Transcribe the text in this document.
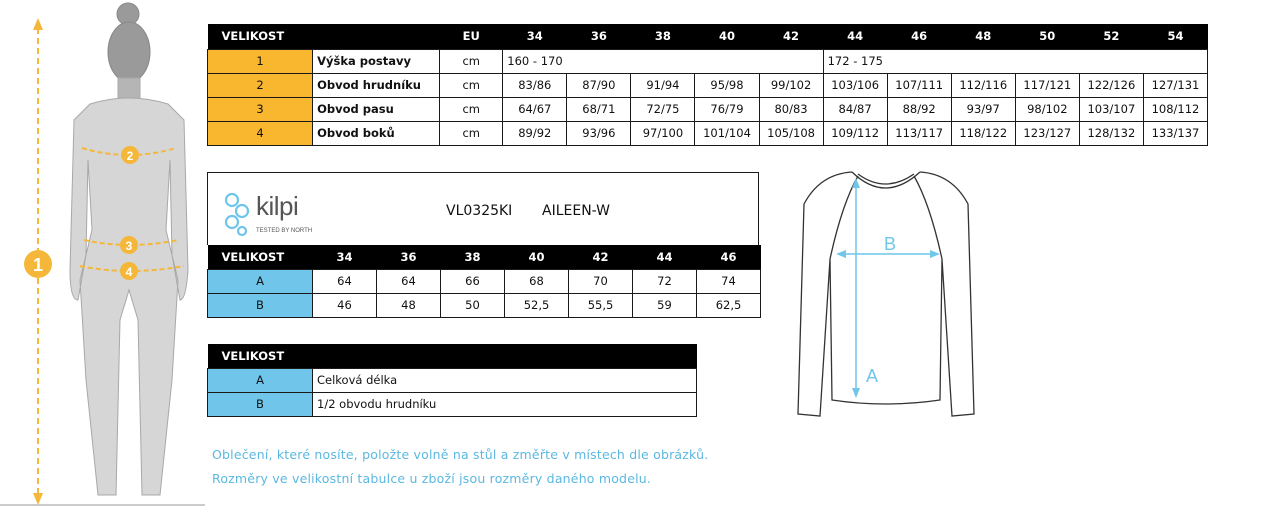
1
2
3
4
VELIKOST		EU	34	36	38	40	42	44	46	48	50	52	54
1	Výška postavy	cm	160 - 170					172 - 175					
2	Obvod hrudníku	cm	83/86	87/90	91/94	95/98	99/102	103/106	107/111	112/116	117/121	122/126	127/131
3	Obvod pasu	cm	64/67	68/71	72/75	76/79	80/83	84/87	88/92	93/97	98/102	103/107	108/112
4	Obvod boků	cm	89/92	93/96	97/100	101/104	105/108	109/112	113/117	118/122	123/127	128/132	133/137
kilpi
TESTED BY NORTH
VL0325KI AILEEN-W
VELIKOST	34	36	38	40	42	44	46
A	64	64	66	68	70	72	74
B	46	48	50	52,5	55,5	59	62,5
VELIKOST	
A	Celková délka
B	1/2 obvodu hrudníku
B
A
Oblečení, které nosíte, položte volně na stůl a změřte v místech dle obrázků.
Rozměry ve velikostní tabulce u zboží jsou rozměry daného modelu.
